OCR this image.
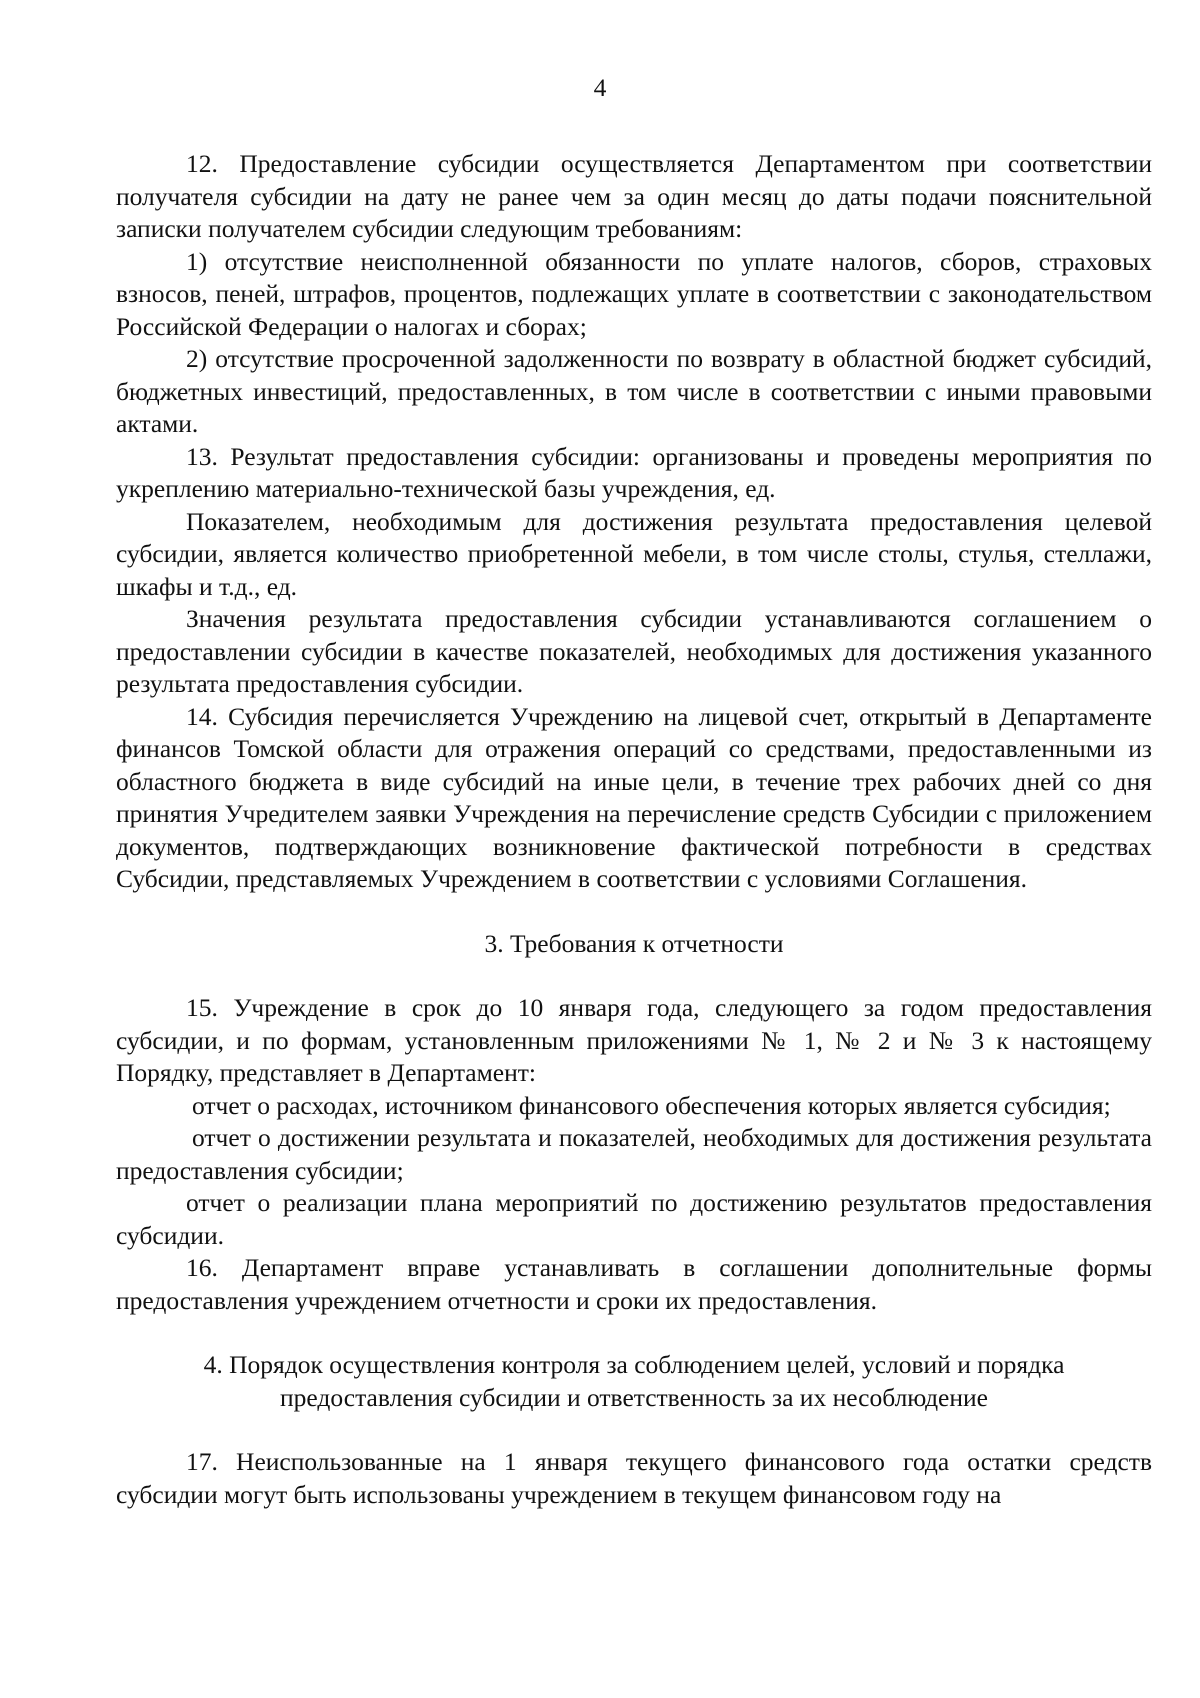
4

12. Предоставление субсидии осуществляется Департаментом при соответствии получателя субсидии на дату не ранее чем за один месяц до даты подачи пояснительной записки получателем субсидии следующим требованиям:

1) отсутствие неисполненной обязанности по уплате налогов, сборов, страховых взносов, пеней, штрафов, процентов, подлежащих уплате в соответствии с законодательством Российской Федерации о налогах и сборах;

2) отсутствие просроченной задолженности по возврату в областной бюджет субсидий, бюджетных инвестиций, предоставленных, в том числе в соответствии с иными правовыми актами.

13. Результат предоставления субсидии: организованы и проведены мероприятия по укреплению материально-технической базы учреждения, ед.

Показателем, необходимым для достижения результата предоставления целевой субсидии, является количество приобретенной мебели, в том числе столы, стулья, стеллажи, шкафы и т.д., ед.

Значения результата предоставления субсидии устанавливаются соглашением о предоставлении субсидии в качестве показателей, необходимых для достижения указанного результата предоставления субсидии.

14. Субсидия перечисляется Учреждению на лицевой счет, открытый в Департаменте финансов Томской области для отражения операций со средствами, предоставленными из областного бюджета в виде субсидий на иные цели, в течение трех рабочих дней со дня принятия Учредителем заявки Учреждения на перечисление средств Субсидии с приложением документов, подтверждающих возникновение фактической потребности в средствах Субсидии, представляемых Учреждением в соответствии с условиями Соглашения.

3. Требования к отчетности

15. Учреждение в срок до 10 января года, следующего за годом предоставления субсидии, и по формам, установленным приложениями № 1, № 2 и № 3 к настоящему Порядку, представляет в Департамент:

отчет о расходах, источником финансового обеспечения которых является субсидия;

отчет о достижении результата и показателей, необходимых для достижения результата предоставления субсидии;

отчет о реализации плана мероприятий по достижению результатов предоставления субсидии.

16. Департамент вправе устанавливать в соглашении дополнительные формы предоставления учреждением отчетности и сроки их предоставления.

4. Порядок осуществления контроля за соблюдением целей, условий и порядка
предоставления субсидии и ответственность за их несоблюдение

17. Неиспользованные на 1 января текущего финансового года остатки средств субсидии могут быть использованы учреждением в текущем финансовом году на
